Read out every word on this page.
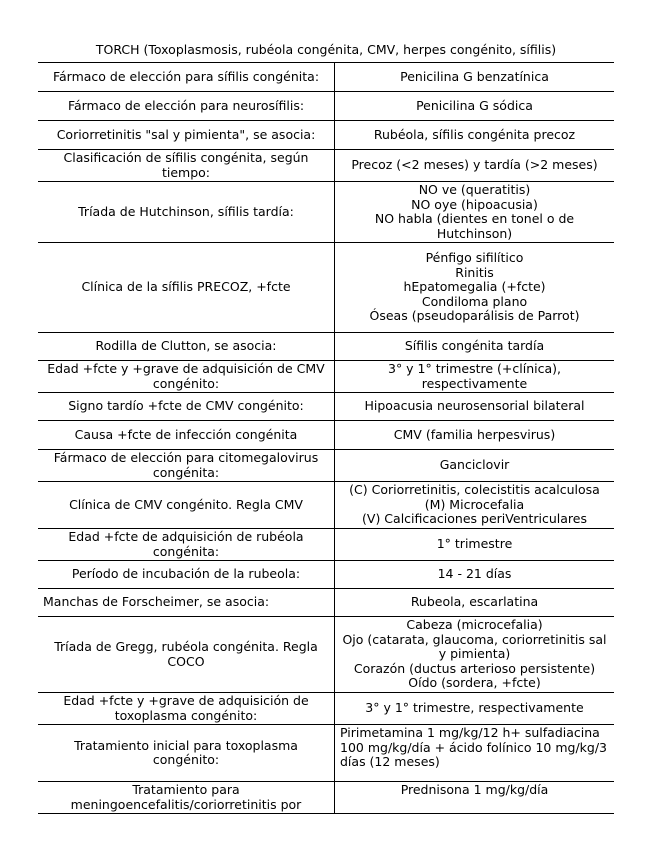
TORCH (Toxoplasmosis, rubéola congénita, CMV, herpes congénito, sífilis)
Fármaco de elección para sífilis congénita:	Penicilina G benzatínica

Fármaco de elección para neurosífilis:	Penicilina G sódica

Coriorretinitis "sal y pimienta", se asocia:	Rubéola, sífilis congénita precoz

Clasificación de sífilis congénita, según tiempo:	Precoz (<2 meses) y tardía (>2 meses)

Tríada de Hutchinson, sífilis tardía:	NO ve (queratitis)
NO oye (hipoacusia)
NO habla (dientes en tonel o de Hutchinson)

Clínica de la sífilis PRECOZ, +fcte	Pénfigo sifilítico
Rinitis
hEpatomegalia (+fcte)
Condiloma plano
Óseas (pseudoparálisis de Parrot)

Rodilla de Clutton, se asocia:	Sífilis congénita tardía

Edad +fcte y +grave de adquisición de CMV congénito:	3° y 1° trimestre (+clínica), respectivamente

Signo tardío +fcte de CMV congénito:	Hipoacusia neurosensorial bilateral

Causa +fcte de infección congénita	CMV (familia herpesvirus)

Fármaco de elección para citomegalovirus congénita:	Ganciclovir

Clínica de CMV congénito. Regla CMV	(C) Coriorretinitis, colecistitis acalculosa
(M) Microcefalia
(V) Calcificaciones periVentriculares

Edad +fcte de adquisición de rubéola congénita:	1° trimestre

Período de incubación de la rubeola:	14 - 21 días

Manchas de Forscheimer, se asocia:	Rubeola, escarlatina

Tríada de Gregg, rubéola congénita. Regla COCO	Cabeza (microcefalia)
Ojo (catarata, glaucoma, coriorretinitis sal y pimienta)
Corazón (ductus arterioso persistente)
Oído (sordera, +fcte)

Edad +fcte y +grave de adquisición de toxoplasma congénito:	3° y 1° trimestre, respectivamente

Tratamiento inicial para toxoplasma congénito:	Pirimetamina 1 mg/kg/12 h+ sulfadiacina 100 mg/kg/día + ácido folínico 10 mg/kg/3 días (12 meses)

Tratamiento para meningoencefalitis/coriorretinitis por	Prednisona 1 mg/kg/día
